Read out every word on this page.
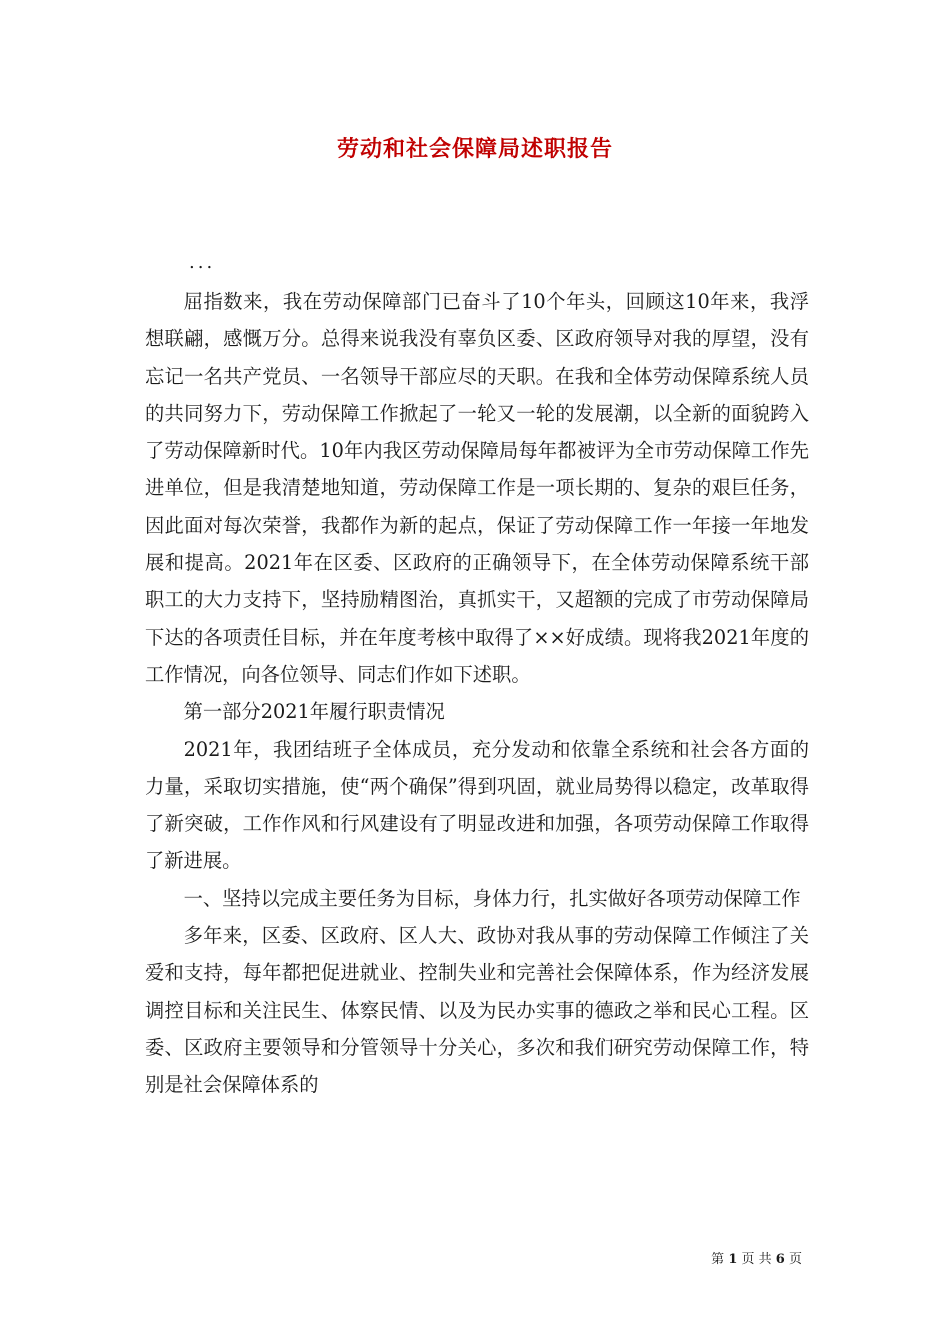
劳动和社会保障局述职报告
...

屈指数来，我在劳动保障部门已奋斗了10个年头，回顾这10年来，我浮想联翩，感慨万分。总得来说我没有辜负区委、区政府领导对我的厚望，没有忘记一名共产党员、一名领导干部应尽的天职。在我和全体劳动保障系统人员的共同努力下，劳动保障工作掀起了一轮又一轮的发展潮，以全新的面貌跨入了劳动保障新时代。10年内我区劳动保障局每年都被评为全市劳动保障工作先进单位，但是我清楚地知道，劳动保障工作是一项长期的、复杂的艰巨任务，因此面对每次荣誉，我都作为新的起点，保证了劳动保障工作一年接一年地发展和提高。2021年在区委、区政府的正确领导下，在全体劳动保障系统干部职工的大力支持下，坚持励精图治，真抓实干，又超额的完成了市劳动保障局下达的各项责任目标，并在年度考核中取得了××好成绩。现将我2021年度的工作情况，向各位领导、同志们作如下述职。

第一部分2021年履行职责情况

2021年，我团结班子全体成员，充分发动和依靠全系统和社会各方面的力量，采取切实措施，使“两个确保”得到巩固，就业局势得以稳定，改革取得了新突破，工作作风和行风建设有了明显改进和加强，各项劳动保障工作取得了新进展。

一、坚持以完成主要任务为目标，身体力行，扎实做好各项劳动保障工作

多年来，区委、区政府、区人大、政协对我从事的劳动保障工作倾注了关爱和支持，每年都把促进就业、控制失业和完善社会保障体系，作为经济发展调控目标和关注民生、体察民情、以及为民办实事的德政之举和民心工程。区委、区政府主要领导和分管领导十分关心，多次和我们研究劳动保障工作，特别是社会保障体系的

第 1 页 共 6 页
